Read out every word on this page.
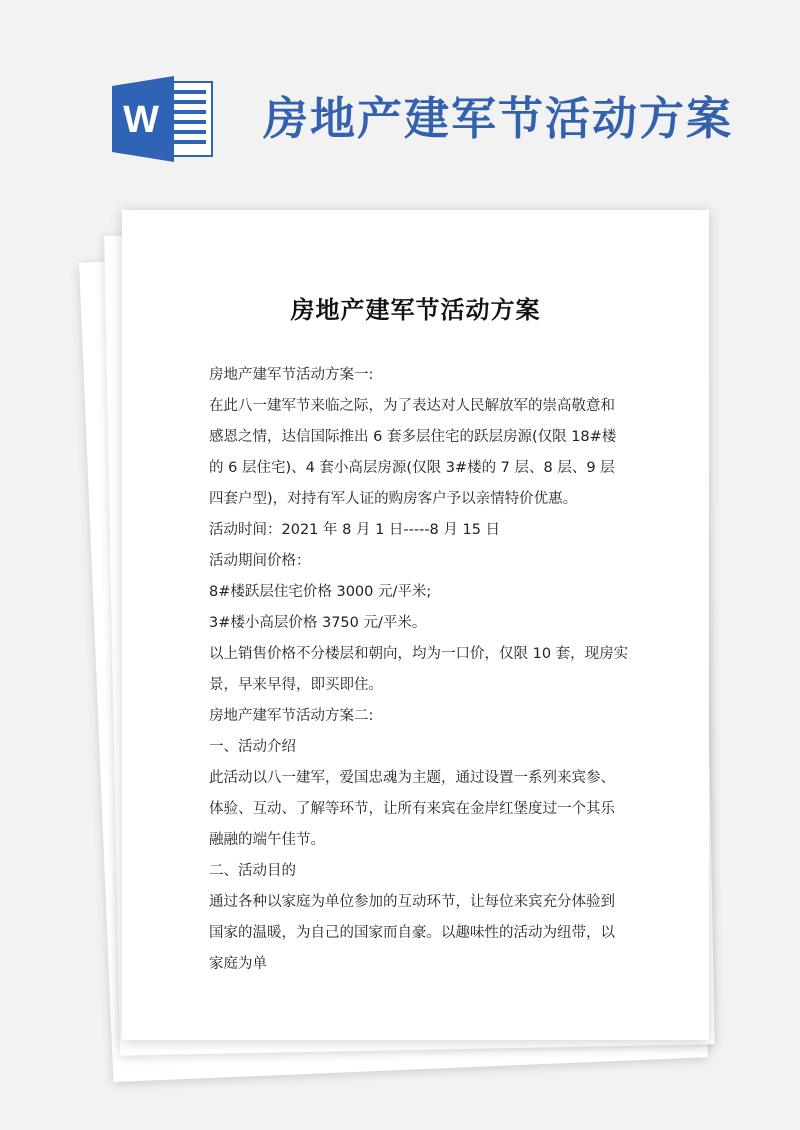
W 房地产建军节活动方案
房地产建军节活动方案

房地产建军节活动方案一:

在此八一建军节来临之际，为了表达对人民解放军的崇高敬意和感恩之情，达信国际推出 6 套多层住宅的跃层房源(仅限 18#楼的 6 层住宅)、4 套小高层房源(仅限 3#楼的 7 层、8 层、9 层四套户型)，对持有军人证的购房客户予以亲情特价优惠。

活动时间：2021 年 8 月 1 日-----8 月 15 日

活动期间价格：

8#楼跃层住宅价格 3000 元/平米;

3#楼小高层价格 3750 元/平米。

以上销售价格不分楼层和朝向，均为一口价，仅限 10 套，现房实景，早来早得，即买即住。

房地产建军节活动方案二:

一、活动介绍

此活动以八一建军，爱国忠魂为主题，通过设置一系列来宾参、体验、互动、了解等环节，让所有来宾在金岸红堡度过一个其乐融融的端午佳节。

二、活动目的

通过各种以家庭为单位参加的互动环节，让每位来宾充分体验到国家的温暖，为自己的国家而自豪。以趣味性的活动为纽带，以家庭为单
